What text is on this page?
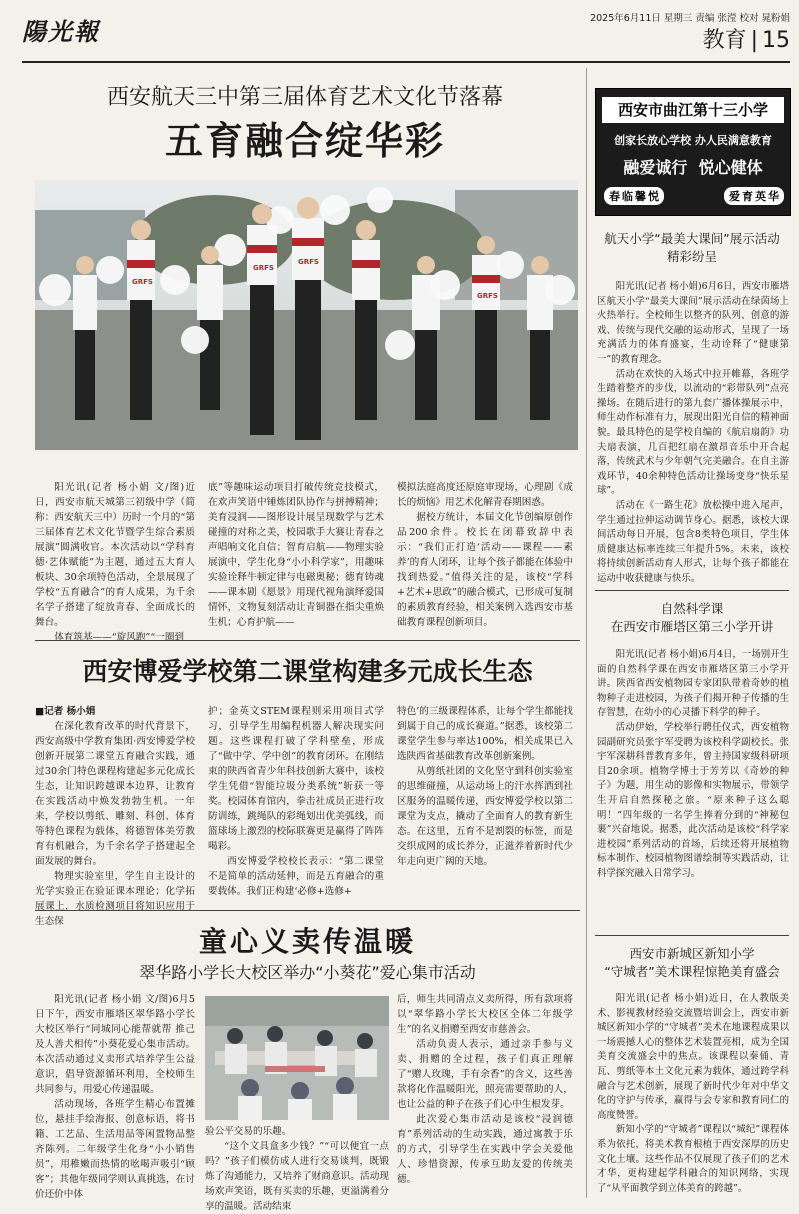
陽光報	2025年6月11日 星期三 责编 张滢 校对 晁粉娟
教育 | 15
西安航天三中第三届体育艺术文化节落幕
五育融合绽华彩
GRFS
GRFS
GRFS
GRFS

阳光讯(记者 杨小娟 文/图)近日，西安市航天城第三初级中学（简称：西安航天三中）历时一个月的“第三届体育艺术文化节暨学生综合素质展演”圆满收官。本次活动以“学科育德·艺体赋能”为主题，通过五大育人板块、30余项特色活动，全景展现了学校“五育融合”的育人成果，为千余名学子搭建了绽放青春、全面成长的舞台。

体育筑基——“旋风跑”“一圈到

底”等趣味运动项目打破传统竞技模式，在欢声笑语中锤炼团队协作与拼搏精神；美育浸润——图形设计展呈现数学与艺术碰撞的对称之美，校园歌手大赛让青春之声唱响文化自信；智育启航——物理实验展演中，学生化身“小小科学家”，用趣味实验诠释牛顿定律与电磁奥秘；德育铸魂——课本剧《愿景》用现代视角演绎爱国情怀，文物复刻活动让青铜器在指尖重焕生机；心育护航——

模拟法庭高度还原庭审现场，心理剧《成长的烦恼》用艺术化解青春期困惑。

据校方统计，本届文化节创编原创作品200余件。校长在闭幕致辞中表示：“我们正打造‘活动——课程——素养’的育人闭环，让每个孩子都能在体验中找到热爱。”值得关注的是，该校“学科+艺术+思政”的融合模式，已形成可复制的素质教育经验，相关案例入选西安市基础教育课程创新项目。

西安博爱学校第二课堂构建多元成长生态

■记者 杨小娟

在深化教育改革的时代背景下，西安高级中学教育集团·西安博爱学校创新开展第二课堂五育融合实践，通过30余门特色课程构建起多元化成长生态，让知识跨越课本边界，让教育在实践活动中焕发勃勃生机。一年来，学校以剪纸、雕刻、科创、体育等特色课程为载体，将德智体美劳教育有机融合，为千余名学子搭建起全面发展的舞台。

物理实验室里，学生自主设计的光学实验正在验证课本理论；化学拓展课上，水质检测项目将知识应用于生态保

护；金英文STEM课程则采用项目式学习，引导学生用编程机器人解决现实问题。这些课程打破了学科壁垒，形成了“做中学、学中创”的教育闭环。在刚结束的陕西省青少年科技创新大赛中，该校学生凭借“智能垃圾分类系统”斩获一等奖。校园体育馆内，拳击社成员正进行攻防训练，跳绳队的彩绳划出优美弧线，而篮球场上激烈的校际联赛更是赢得了阵阵喝彩。

西安博爱学校校长表示：“第二课堂不是简单的活动延伸，而是五育融合的重要载体。我们正构建‘必修+选修+

特色’的三级课程体系，让每个学生都能找到属于自己的成长赛道。”据悉，该校第二课堂学生参与率达100%，相关成果已入选陕西省基础教育改革创新案例。

从剪纸社团的文化坚守到科创实验室的思维碰撞，从运动场上的汗水挥洒到社区服务的温暖传递，西安博爱学校以第二课堂为支点，撬动了全面育人的教育新生态。在这里，五育不是割裂的标签，而是交织成网的成长养分，正滋养着新时代少年走向更广阔的天地。

童心义卖传温暖
翠华路小学长大校区举办“小葵花”爱心集市活动

阳光讯(记者 杨小娟 文/图)6月5日下午，西安市雁塔区翠华路小学长大校区举行“同城同心能帮就帮 推己及人善犬相传”小葵花爱心集市活动。本次活动通过义卖形式培养学生公益意识，倡导资源循环利用，全校师生共同参与，用爱心传递温暖。

活动现场，各班学生精心布置摊位，悬挂手绘海报、创意标语，将书籍、工艺品、生活用品等闲置物品整齐陈列。二年级学生化身“小小销售员”，用稚嫩而热情的吆喝声吸引“顾客”；其他年级同学则认真挑选，在讨价还价中体

验公平交易的乐趣。

“这个文具盒多少钱？”“可以便宜一点吗？”孩子们模仿成人进行交易谈判，既锻炼了沟通能力，又培养了财商意识。活动现场欢声笑语，既有买卖的乐趣，更溢满着分享的温暖。活动结束

后，师生共同清点义卖所得，所有款项将以“翠华路小学长大校区全体二年级学生”的名义捐赠至西安市慈善会。

活动负责人表示，通过亲手参与义卖、捐赠的全过程，孩子们真正理解了“赠人玫瑰，手有余香”的含义，这些善款将化作温暖阳光，照亮需要帮助的人，也让公益的种子在孩子们心中生根发芽。

此次爱心集市活动是该校“浸润德育”系列活动的生动实践，通过寓教于乐的方式，引导学生在实践中学会关爱他人、珍惜资源，传承互助友爱的传统美德。

西安市曲江第十三小学
创家长放心学校 办人民满意教育
融爱诚行 悦心健体
春 临 馨 悦	爱 育 英 华
航天小学“最美大课间”展示活动
精彩纷呈

阳光讯(记者 杨小娟)6月6日，西安市雁塔区航天小学“最美大课间”展示活动在绿茵场上火热举行。全校师生以整齐的队列、创意的游戏、传统与现代交融的运动形式，呈现了一场充满活力的体育盛宴，生动诠释了“健康第一”的教育理念。

活动在欢快的入场式中拉开帷幕，各班学生踏着整齐的步伐，以流动的“彩带队列”点亮操场。在随后进行的第九套广播体操展示中，师生动作标准有力，展现出阳光自信的精神面貌。最具特色的是学校自编的《航启扇韵》功夫扇表演，几百把红扇在激昂音乐中开合起落，传统武术与少年朝气完美融合。在自主游戏环节，40余种特色活动让操场变身“快乐星球”。

活动在《一路生花》放松操中进入尾声，学生通过拉伸运动调节身心。据悉，该校大课间活动每日开展，包含8类特色项目，学生体质健康达标率连续三年提升5%。未来，该校将持续创新活动育人形式，让每个孩子都能在运动中收获健康与快乐。

自然科学课
在西安市雁塔区第三小学开讲

阳光讯(记者 杨小娟)6月4日，一场别开生面的自然科学课在西安市雁塔区第三小学开讲。陕西省西安植物园专家团队带着奇妙的植物种子走进校园，为孩子们揭开种子传播的生存智慧，在幼小的心灵播下科学的种子。

活动伊始，学校举行聘任仪式，西安植物园副研究员张宇军受聘为该校科学副校长。张宇军深耕科普教育多年，曾主持国家级科研项目20余项。植物学博士于芳芳以《奇妙的种子》为题，用生动的影像和实物展示，带领学生开启自然探秘之旅。“原来种子这么聪明！”四年级的一名学生捧着分到的“神秘包裹”兴奋地说。据悉，此次活动是该校“科学家进校园”系列活动的首场，后续还将开展植物标本制作、校园植物图谱绘制等实践活动，让科学探究融入日常学习。

西安市新城区新知小学
“守城者”美术课程惊艳美育盛会

阳光讯(记者 杨小娟)近日，在人教版美术、影视教材经验交流暨培训会上，西安市新城区新知小学的“守城者”美术在地课程成果以一场震撼人心的整体艺术装置亮相，成为全国美育交流盛会中的焦点。该课程以秦俑、青瓦、剪纸等本土文化元素为载体，通过跨学科融合与艺术创新，展现了新时代少年对中华文化的守护与传承，赢得与会专家和教育同仁的高度赞誉。

新知小学的“守城者”课程以“城纪”课程体系为依托，将美术教育根植于西安深厚的历史文化土壤。这些作品不仅展现了孩子们的艺术才华，更构建起学科融合的知识网络，实现了“从平面教学到立体美育的跨越”。
